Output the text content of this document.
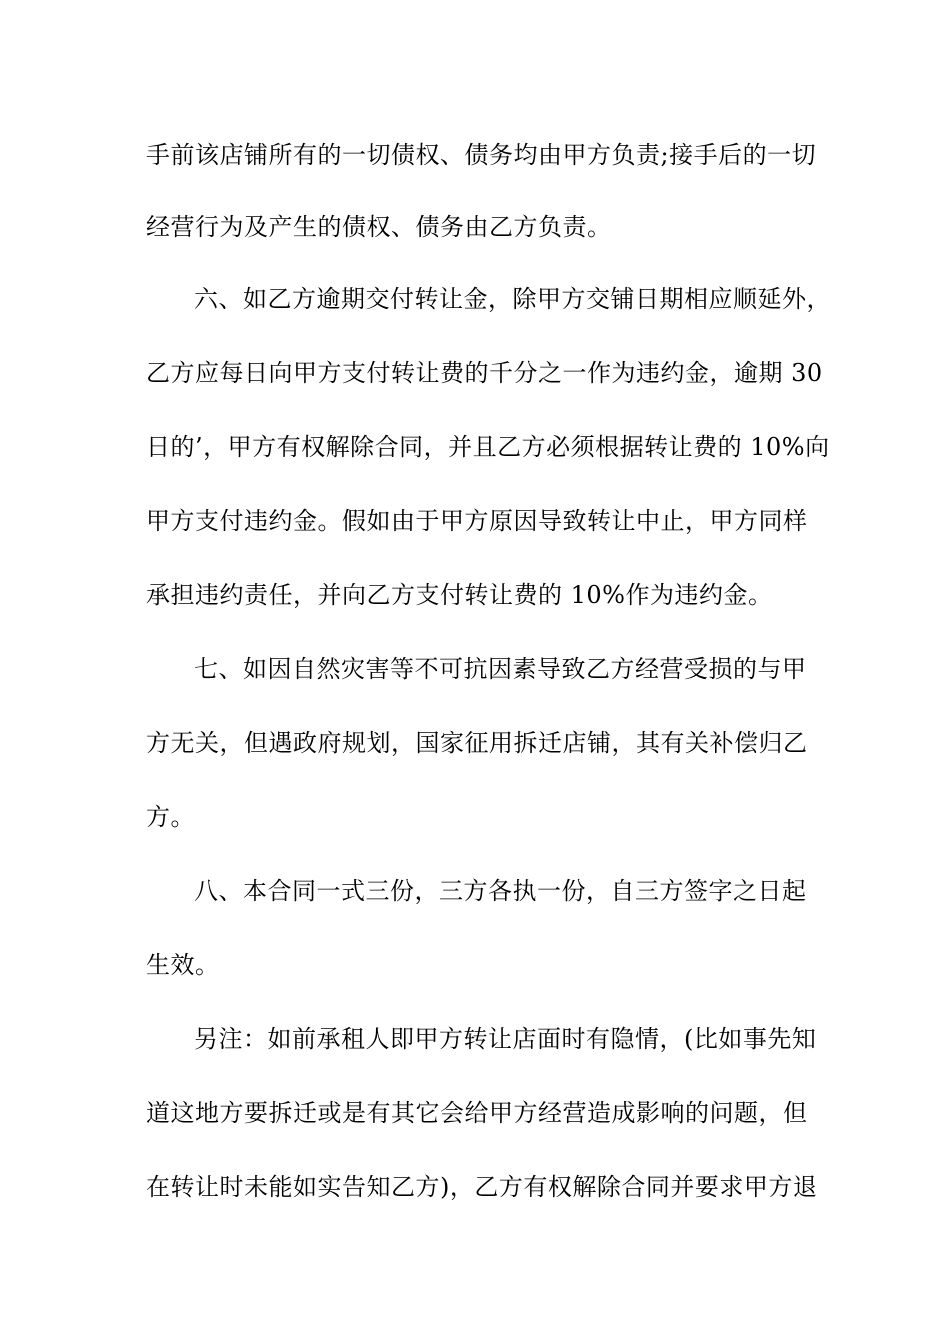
手前该店铺所有的一切债权、债务均由甲方负责;接手后的一切
经营行为及产生的债权、债务由乙方负责。
六、如乙方逾期交付转让金，除甲方交铺日期相应顺延外，
乙方应每日向甲方支付转让费的千分之一作为违约金，逾期 30
日的’，甲方有权解除合同，并且乙方必须根据转让费的 10%向
甲方支付违约金。假如由于甲方原因导致转让中止，甲方同样
承担违约责任，并向乙方支付转让费的 10%作为违约金。
七、如因自然灾害等不可抗因素导致乙方经营受损的与甲
方无关，但遇政府规划，国家征用拆迁店铺，其有关补偿归乙
方。
八、本合同一式三份，三方各执一份，自三方签字之日起
生效。
另注：如前承租人即甲方转让店面时有隐情，(比如事先知
道这地方要拆迁或是有其它会给甲方经营造成影响的问题，但
在转让时未能如实告知乙方)，乙方有权解除合同并要求甲方退
